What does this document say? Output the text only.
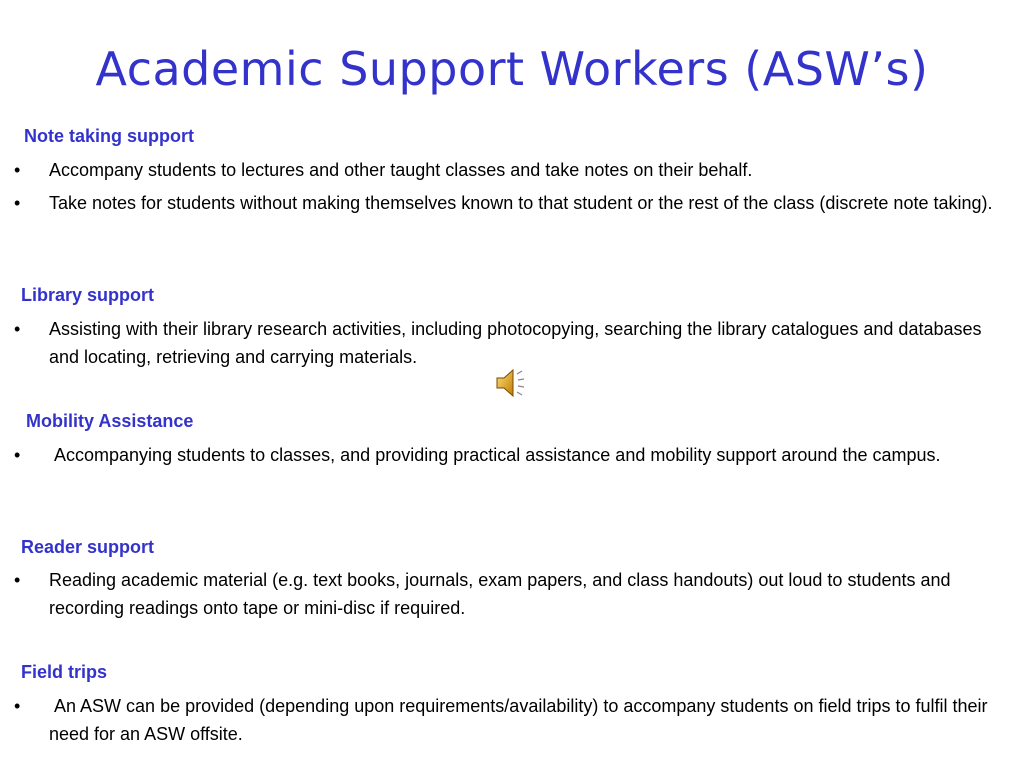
Academic Support Workers (ASW’s)
Note taking support
• Accompany students to lectures and other taught classes and take notes on their behalf.
• Take notes for students without making themselves known to that student or the rest of the class (discrete note taking).
Library support
• Assisting with their library research activities, including photocopying, searching the library catalogues and databases and locating, retrieving and carrying materials.
Mobility Assistance
• Accompanying students to classes, and providing practical assistance and mobility support around the campus.
Reader support
• Reading academic material (e.g. text books, journals, exam papers, and class handouts) out loud to students and recording readings onto tape or mini-disc if required.
Field trips
• An ASW can be provided (depending upon requirements/availability) to accompany students on field trips to fulfil their need for an ASW offsite.
